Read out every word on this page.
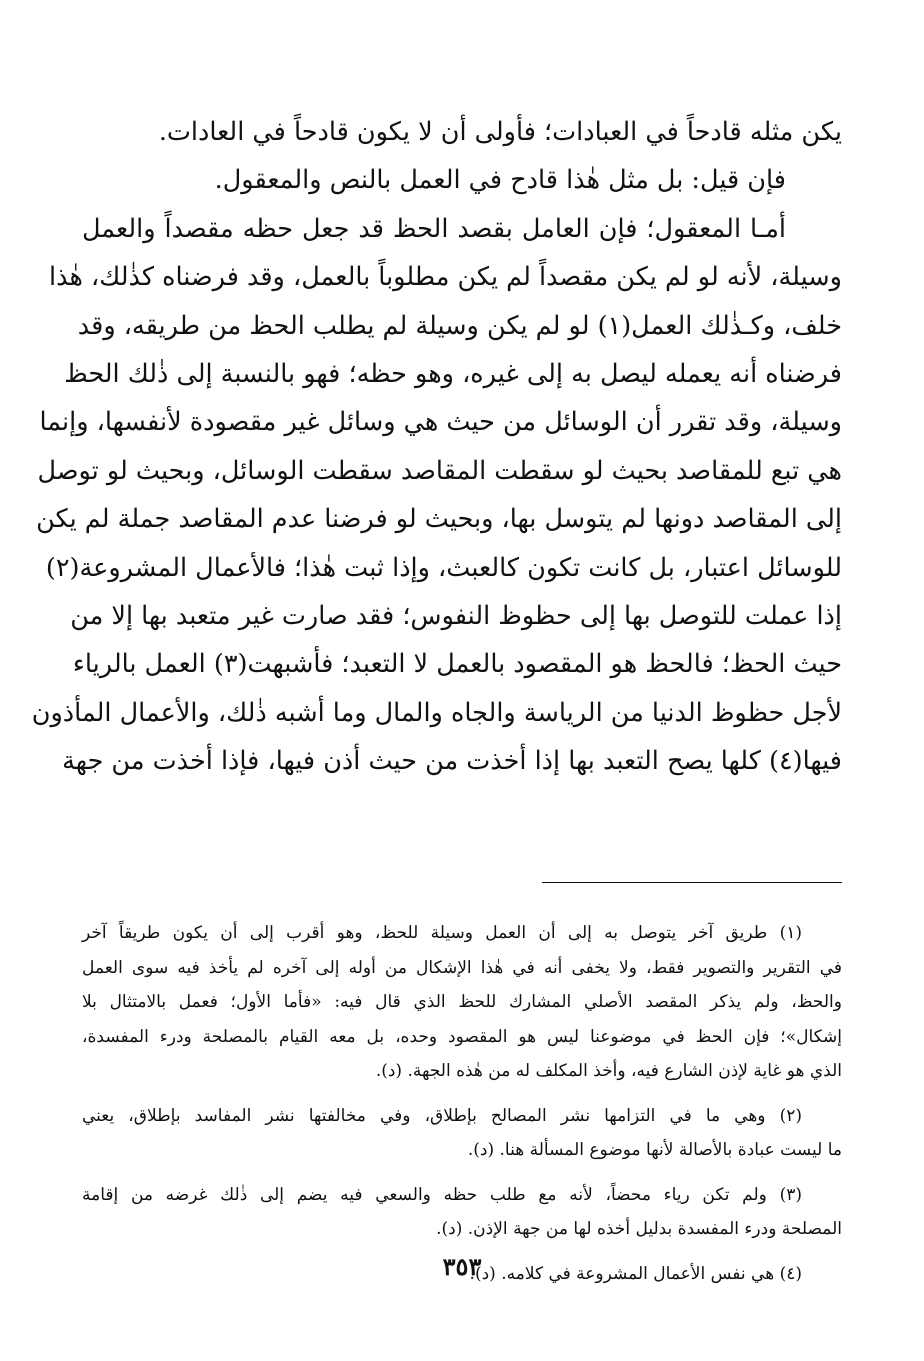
يكن مثله قادحاً في العبادات؛ فأولى أن لا يكون قادحاً في العادات.
فإن قيل: بل مثل هٰذا قادح في العمل بالنص والمعقول.
أمـا المعقول؛ فإن العامل بقصد الحظ قد جعل حظه مقصداً والعمل
وسيلة، لأنه لو لم يكن مقصداً لم يكن مطلوباً بالعمل، وقد فرضناه كذٰلك، هٰذا
خلف، وكـذٰلك العمل(١) لو لم يكن وسيلة لم يطلب الحظ من طريقه، وقد
فرضناه أنه يعمله ليصل به إلى غيره، وهو حظه؛ فهو بالنسبة إلى ذٰلك الحظ
وسيلة، وقد تقرر أن الوسائل من حيث هي وسائل غير مقصودة لأنفسها، وإنما
هي تبع للمقاصد بحيث لو سقطت المقاصد سقطت الوسائل، وبحيث لو توصل
إلى المقاصد دونها لم يتوسل بها، وبحيث لو فرضنا عدم المقاصد جملة لم يكن
للوسائل اعتبار، بل كانت تكون كالعبث، وإذا ثبت هٰذا؛ فالأعمال المشروعة(٢)
إذا عملت للتوصل بها إلى حظوظ النفوس؛ فقد صارت غير متعبد بها إلا من
حيث الحظ؛ فالحظ هو المقصود بالعمل لا التعبد؛ فأشبهت(٣) العمل بالرياء
لأجل حظوظ الدنيا من الرياسة والجاه والمال وما أشبه ذٰلك، والأعمال المأذون
فيها(٤) كلها يصح التعبد بها إذا أخذت من حيث أذن فيها، فإذا أخذت من جهة
(١) طريق آخر يتوصل به إلى أن العمل وسيلة للحظ، وهو أقرب إلى أن يكون طريقاً آخر
في التقرير والتصوير فقط، ولا يخفى أنه في هٰذا الإشكال من أوله إلى آخره لم يأخذ فيه سوى العمل
والحظ، ولم يذكر المقصد الأصلي المشارك للحظ الذي قال فيه: «فأما الأول؛ فعمل بالامتثال بلا
إشكال»؛ فإن الحظ في موضوعنا ليس هو المقصود وحده، بل معه القيام بالمصلحة ودرء المفسدة،
الذي هو غاية لإذن الشارع فيه، وأخذ المكلف له من هٰذه الجهة. (د).
(٢) وهي ما في التزامها نشر المصالح بإطلاق، وفي مخالفتها نشر المفاسد بإطلاق، يعني
ما ليست عبادة بالأصالة لأنها موضوع المسألة هنا. (د).
(٣) ولم تكن رياء محضاً، لأنه مع طلب حظه والسعي فيه يضم إلى ذٰلك غرضه من إقامة
المصلحة ودرء المفسدة بدليل أخذه لها من جهة الإذن. (د).
(٤) هي نفس الأعمال المشروعة في كلامه. (د).
٣٥٣
